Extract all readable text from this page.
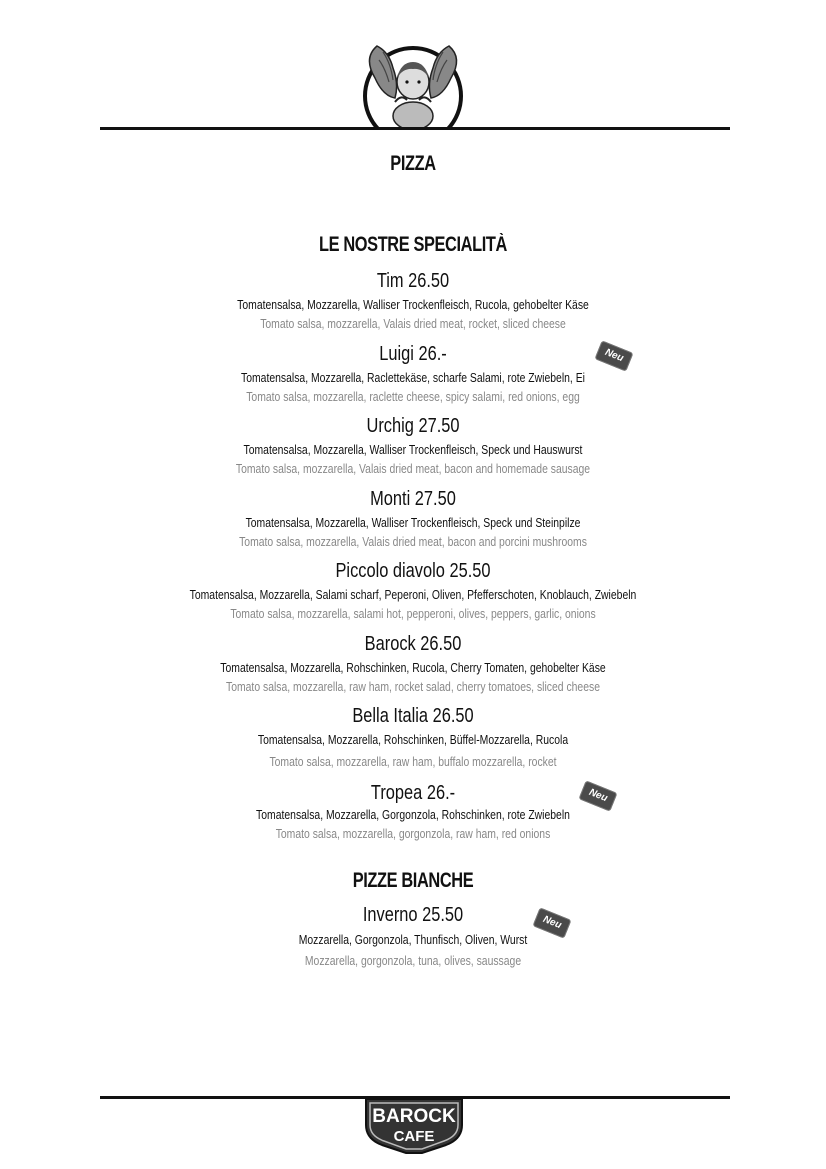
PIZZA
LE NOSTRE SPECIALITÀ
Tim 26.50
Tomatensalsa, Mozzarella, Walliser Trockenfleisch, Rucola, gehobelter Käse
Tomato salsa, mozzarella, Valais dried meat, rocket, sliced cheese
Luigi 26.-
Tomatensalsa, Mozzarella, Raclettekäse, scharfe Salami, rote Zwiebeln, Ei
Tomato salsa, mozzarella, raclette cheese, spicy salami, red onions, egg
Neu
Urchig 27.50
Tomatensalsa, Mozzarella, Walliser Trockenfleisch, Speck und Hauswurst
Tomato salsa, mozzarella, Valais dried meat, bacon and homemade sausage
Monti 27.50
Tomatensalsa, Mozzarella, Walliser Trockenfleisch, Speck und Steinpilze
Tomato salsa, mozzarella, Valais dried meat, bacon and porcini mushrooms
Piccolo diavolo 25.50
Tomatensalsa, Mozzarella, Salami scharf, Peperoni, Oliven, Pfefferschoten, Knoblauch, Zwiebeln
Tomato salsa, mozzarella, salami hot, pepperoni, olives, peppers, garlic, onions
Barock 26.50
Tomatensalsa, Mozzarella, Rohschinken, Rucola, Cherry Tomaten, gehobelter Käse
Tomato salsa, mozzarella, raw ham, rocket salad, cherry tomatoes, sliced cheese
Bella Italia 26.50
Tomatensalsa, Mozzarella, Rohschinken, Büffel-Mozzarella, Rucola
Tomato salsa, mozzarella, raw ham, buffalo mozzarella, rocket
Tropea 26.-
Tomatensalsa, Mozzarella, Gorgonzola, Rohschinken, rote Zwiebeln
Tomato salsa, mozzarella, gorgonzola, raw ham, red onions
Neu
PIZZE BIANCHE
Inverno 25.50
Mozzarella, Gorgonzola, Thunfisch, Oliven, Wurst
Mozzarella, gorgonzola, tuna, olives, saussage
Neu
BAROCK
CAFE
